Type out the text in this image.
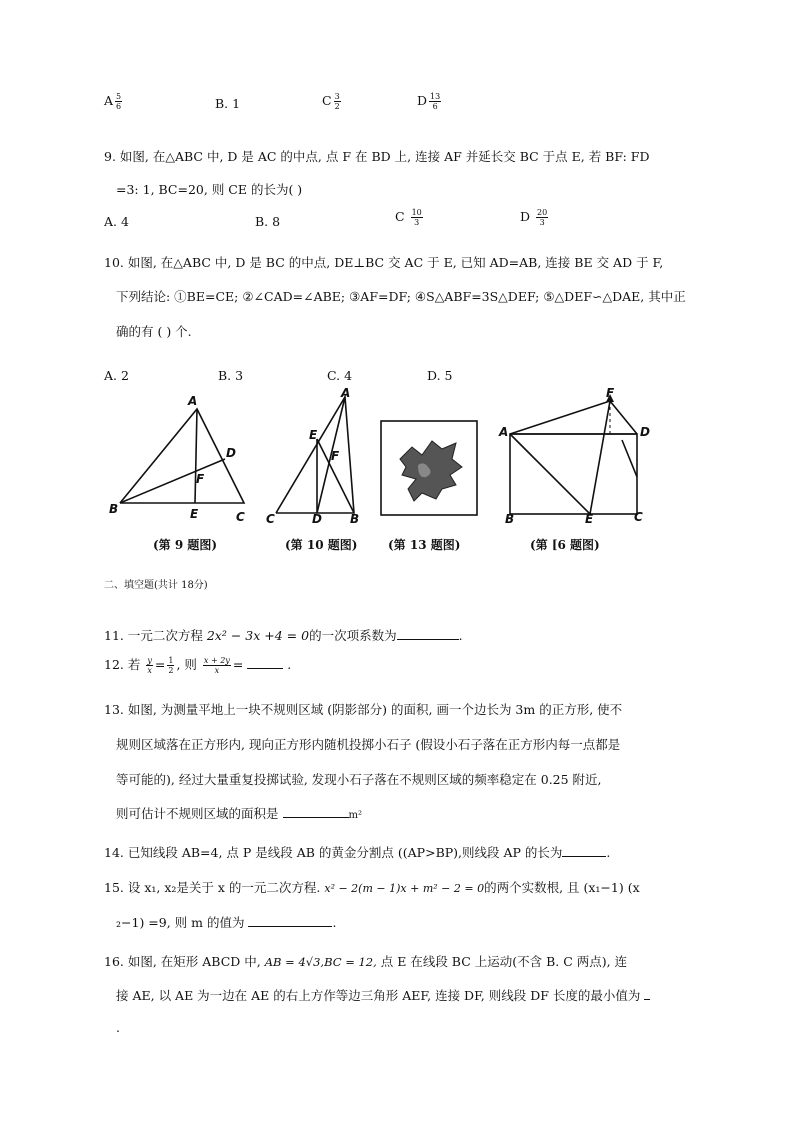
A $\frac{5}{6}$	B. 1	C $\frac{3}{2}$	D $\frac{13}{6}$
9. 如图, 在△ABC 中, D 是 AC 的中点, 点 F 在 BD 上, 连接 AF 并延长交 BC 于点 E, 若 BF: FD
=3: 1, BC=20, 则 CE 的长为( )
A. 4	B. 8	C $\frac{10}{3}$	D $\frac{20}{3}$
10. 如图, 在△ABC 中, D 是 BC 的中点, DE⊥BC 交 AC 于 E, 已知 AD=AB, 连接 BE 交 AD 于 F,
下列结论: ①BE=CE; ②∠CAD=∠ABE; ③AF=DF; ④S△ABF=3S△DEF; ⑤△DEF∽△DAE, 其中正
确的有 ( ) 个.
A. 2	B. 3	C. 4	D. 5
A
D
F
B	E	C
A
E
F
C	D B
F
A	D
B	E	C
(第 9 题图)	(第 10 题图)	(第 13 题图)	(第 [6 题图)
二、填空题(共计 18分)
11. 一元二次方程 2x² − 3x +4 = 0的一次项系数为	.
12. 若 $\frac{y}{x} = \frac{1}{2}$ , 则 $\frac{x + 2y}{x}$ =	.
13. 如图, 为测量平地上一块不规则区域 (阴影部分) 的面积, 画一个边长为 3m 的正方形, 使不
规则区域落在正方形内, 现向正方形内随机投掷小石子 (假设小石子落在正方形内每一点都是
等可能的), 经过大量重复投掷试验, 发现小石子落在不规则区域的频率稳定在 0.25 附近,
则可估计不规则区域的面积是	m²
14. 已知线段 AB=4, 点 P 是线段 AB 的黄金分割点 ((AP>BP),则线段 AP 的长为	.
15. 设 x₁, x₂是关于 x 的一元二次方程. x² − 2(m − 1)x + m² − 2 = 0的两个实数根, 且 (x₁−1) (x
₂−1) =9, 则 m 的值为	.
16. 如图, 在矩形 ABCD 中, AB = 4√3,BC = 12, 点 E 在线段 BC 上运动(不含 B. C 两点), 连
接 AE, 以 AE 为一边在 AE 的右上方作等边三角形 AEF, 连接 DF, 则线段 DF 长度的最小值为
.
